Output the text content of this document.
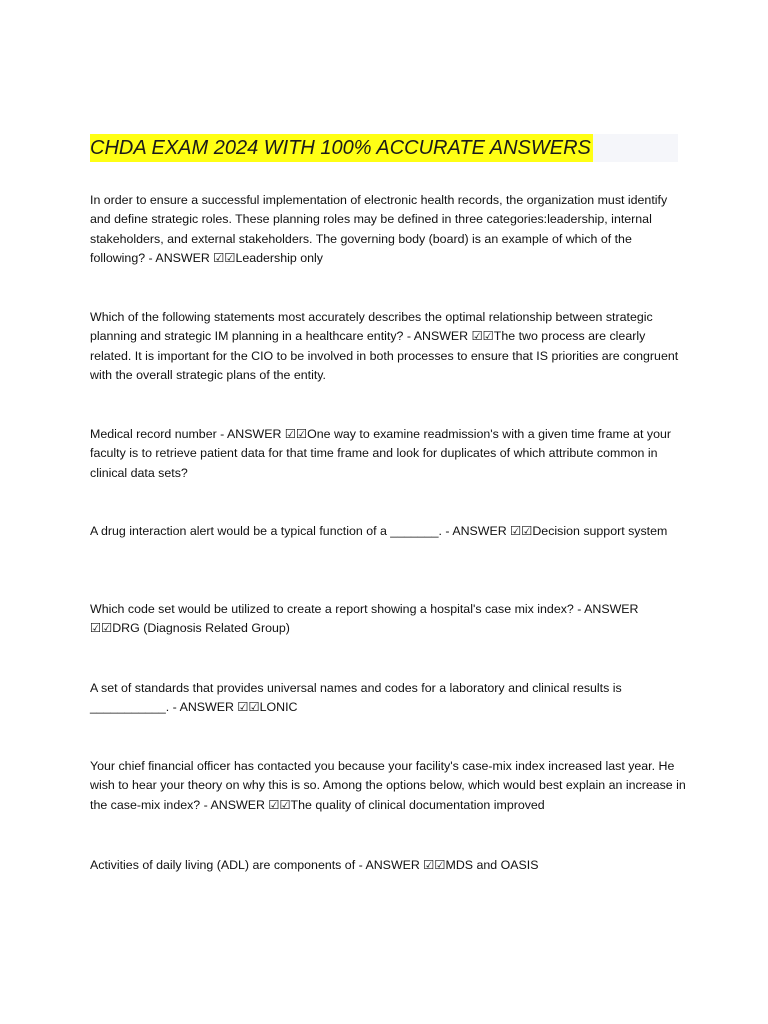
CHDA EXAM 2024 WITH 100% ACCURATE ANSWERS

In order to ensure a successful implementation of electronic health records, the organization must identify and define strategic roles. These planning roles may be defined in three categories:leadership, internal stakeholders, and external stakeholders. The governing body (board) is an example of which of the following? - ANSWER ☑☑Leadership only

Which of the following statements most accurately describes the optimal relationship between strategic planning and strategic IM planning in a healthcare entity? - ANSWER ☑☑The two process are clearly related. It is important for the CIO to be involved in both processes to ensure that IS priorities are congruent with the overall strategic plans of the entity.

Medical record number - ANSWER ☑☑One way to examine readmission's with a given time frame at your faculty is to retrieve patient data for that time frame and look for duplicates of which attribute common in clinical data sets?

A drug interaction alert would be a typical function of a _______. - ANSWER ☑☑Decision support system

Which code set would be utilized to create a report showing a hospital's case mix index? - ANSWER ☑☑DRG (Diagnosis Related Group)

A set of standards that provides universal names and codes for a laboratory and clinical results is ___________. - ANSWER ☑☑LONIC

Your chief financial officer has contacted you because your facility's case-mix index increased last year. He wish to hear your theory on why this is so. Among the options below, which would best explain an increase in the case-mix index? - ANSWER ☑☑The quality of clinical documentation improved

Activities of daily living (ADL) are components of - ANSWER ☑☑MDS and OASIS
